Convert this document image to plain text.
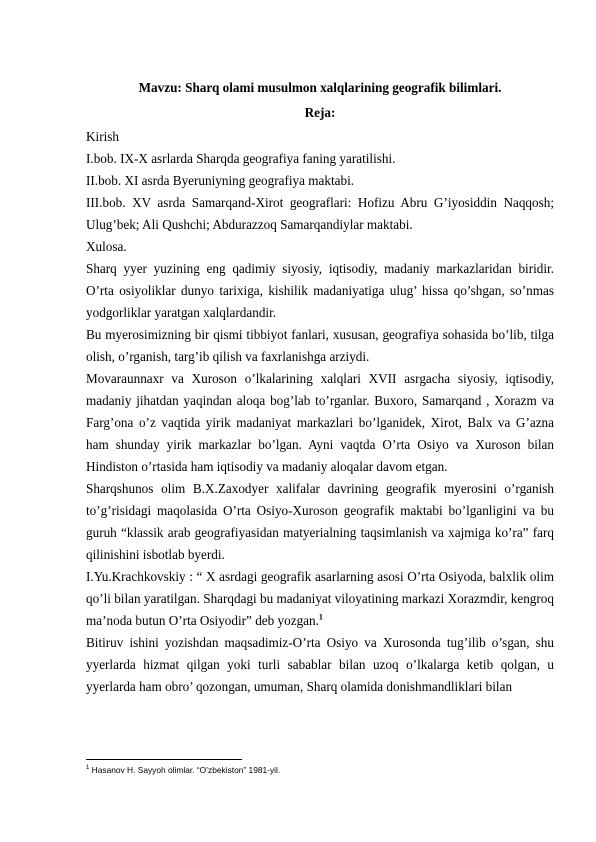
Mavzu: Sharq olami musulmon xalqlarining geografik bilimlari.
Reja:

Kirish

I.bob. IX-X asrlarda Sharqda geografiya faning yaratilishi.

II.bob. XI asrda Byeruniyning geografiya maktabi.

III.bob. XV asrda Samarqand-Xirot geograflari: Hofizu Abru G’iyosiddin Naqqosh; Ulug’bek; Ali Qushchi; Abdurazzoq Samarqandiylar maktabi.

Xulosa.

Sharq yyer yuzining eng qadimiy siyosiy, iqtisodiy, madaniy markazlaridan biridir. O’rta osiyoliklar dunyo tarixiga, kishilik madaniyatiga ulug’ hissa qo’shgan, so’nmas yodgorliklar yaratgan xalqlardandir.

Bu myerosimizning bir qismi tibbiyot fanlari, xususan, geografiya sohasida bo’lib, tilga olish, o’rganish, targ’ib qilish va faxrlanishga arziydi.

Movaraunnaxr va Xuroson o’lkalarining xalqlari XVII asrgacha siyosiy, iqtisodiy, madaniy jihatdan yaqindan aloqa bog’lab to’rganlar. Buxoro, Samarqand , Xorazm va Farg’ona o’z vaqtida yirik madaniyat markazlari bo’lganidek, Xirot, Balx va G’azna ham shunday yirik markazlar bo’lgan. Ayni vaqtda O’rta Osiyo va Xuroson bilan Hindiston o’rtasida ham iqtisodiy va madaniy aloqalar davom etgan.

Sharqshunos olim B.X.Zaxodyer xalifalar davrining geografik myerosini o’rganish to’g’risidagi maqolasida O’rta Osiyo-Xuroson geografik maktabi bo’lganligini va bu guruh “klassik arab geografiyasidan matyerialning taqsimlanish va xajmiga ko’ra” farq qilinishini isbotlab byerdi.

I.Yu.Krachkovskiy : “ X asrdagi geografik asarlarning asosi O’rta Osiyoda, balxlik olim qo’li bilan yaratilgan. Sharqdagi bu madaniyat viloyatining markazi Xorazmdir, kengroq ma’noda butun O’rta Osiyodir” deb yozgan.$^1$

Bitiruv ishini yozishdan maqsadimiz-O’rta Osiyo va Xurosonda tug’ilib o’sgan, shu yyerlarda hizmat qilgan yoki turli sabablar bilan uzoq o’lkalarga ketib qolgan, u yyerlarda ham obro’ qozongan, umuman, Sharq olamida donishmandliklari bilan

$^1$ Hasanov H. Sayyoh olimlar. “O’zbekiston” 1981-yil.
